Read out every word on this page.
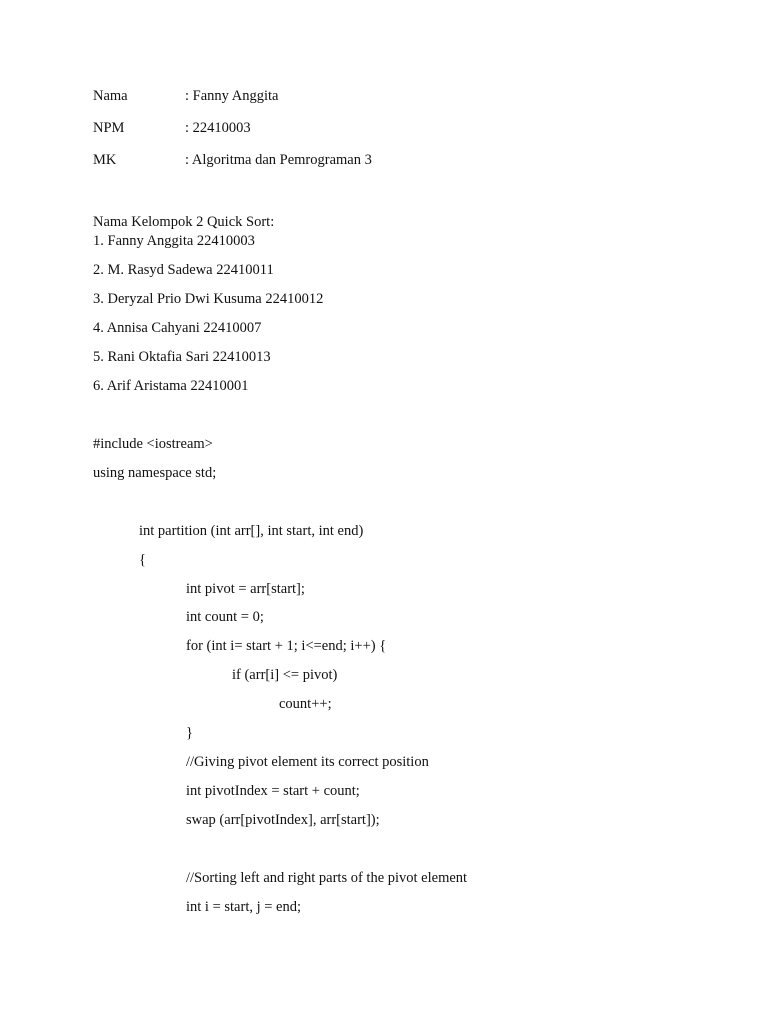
Nama	: Fanny Anggita
NPM	: 22410003
MK	: Algoritma dan Pemrograman 3
Nama Kelompok 2 Quick Sort:
1. Fanny Anggita 22410003
2. M. Rasyd Sadewa 22410011
3. Deryzal Prio Dwi Kusuma 22410012
4. Annisa Cahyani 22410007
5. Rani Oktafia Sari 22410013
6. Arif Aristama 22410001
#include <iostream>
using namespace std;
int partition (int arr[], int start, int end)
{
int pivot = arr[start];
int count = 0;
for (int i= start + 1; i<=end; i++) {
if (arr[i] <= pivot)
count++;
}
//Giving pivot element its correct position
int pivotIndex = start + count;
swap (arr[pivotIndex], arr[start]);
//Sorting left and right parts of the pivot element
int i = start, j = end;
